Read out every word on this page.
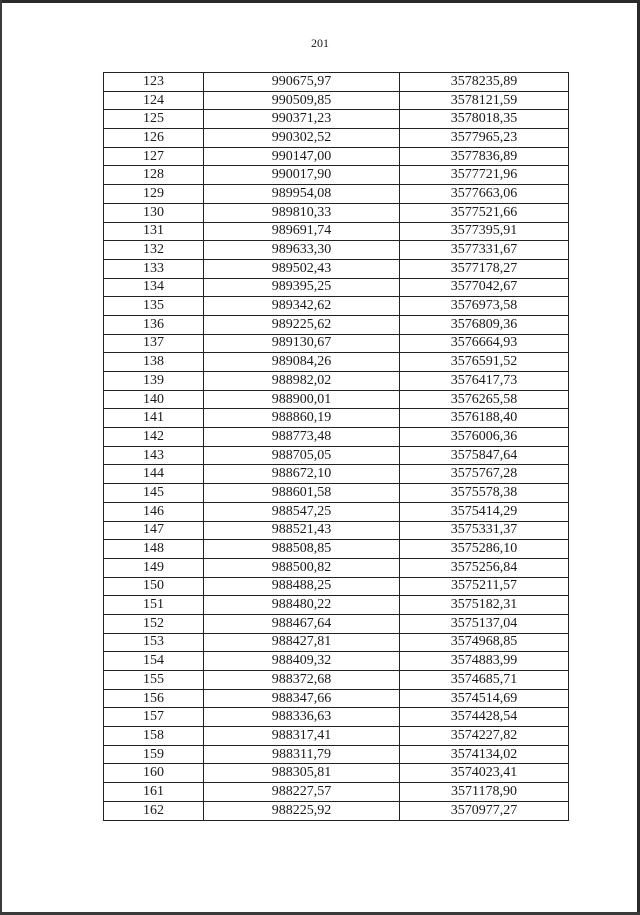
201
123	990675,97	3578235,89
124	990509,85	3578121,59
125	990371,23	3578018,35
126	990302,52	3577965,23
127	990147,00	3577836,89
128	990017,90	3577721,96
129	989954,08	3577663,06
130	989810,33	3577521,66
131	989691,74	3577395,91
132	989633,30	3577331,67
133	989502,43	3577178,27
134	989395,25	3577042,67
135	989342,62	3576973,58
136	989225,62	3576809,36
137	989130,67	3576664,93
138	989084,26	3576591,52
139	988982,02	3576417,73
140	988900,01	3576265,58
141	988860,19	3576188,40
142	988773,48	3576006,36
143	988705,05	3575847,64
144	988672,10	3575767,28
145	988601,58	3575578,38
146	988547,25	3575414,29
147	988521,43	3575331,37
148	988508,85	3575286,10
149	988500,82	3575256,84
150	988488,25	3575211,57
151	988480,22	3575182,31
152	988467,64	3575137,04
153	988427,81	3574968,85
154	988409,32	3574883,99
155	988372,68	3574685,71
156	988347,66	3574514,69
157	988336,63	3574428,54
158	988317,41	3574227,82
159	988311,79	3574134,02
160	988305,81	3574023,41
161	988227,57	3571178,90
162	988225,92	3570977,27
